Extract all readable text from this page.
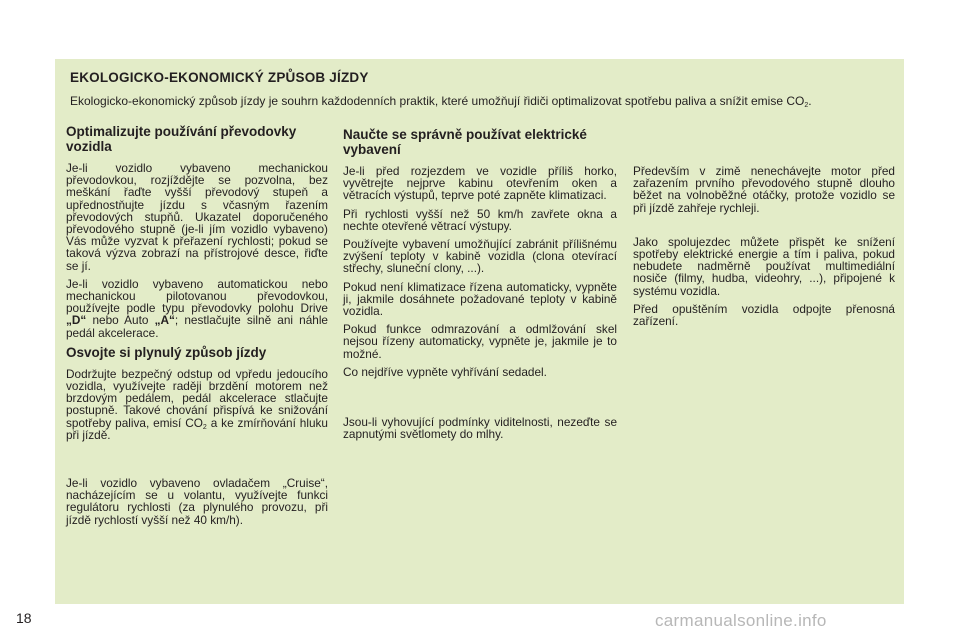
EKOLOGICKO-EKONOMICKÝ ZPŮSOB JÍZDY

Ekologicko-ekonomický způsob jízdy je souhrn každodenních praktik, které umožňují řidiči optimalizovat spotřebu paliva a snížit emise $CO_2$.

Optimalizujte používání převodovky vozidla

Je-li vozidlo vybaveno mechanickou převodovkou, rozjíždějte se pozvolna, bez meškání řaďte vyšší převodový stupeň a upřednostňujte jízdu s včasným řazením převodových stupňů. Ukazatel doporučeného převodového stupně (je-li jím vozidlo vybaveno) Vás může vyzvat k přeřazení rychlosti; pokud se taková výzva zobrazí na přístrojové desce, řiďte se jí.

Je-li vozidlo vybaveno automatickou nebo mechanickou pilotovanou převodovkou, používejte podle typu převodovky polohu Drive „D“ nebo Auto „A“; nestlačujte silně ani náhle pedál akcelerace.

Osvojte si plynulý způsob jízdy

Dodržujte bezpečný odstup od vpředu jedoucího vozidla, využívejte raději brzdění motorem než brzdovým pedálem, pedál akcelerace stlačujte postupně. Takové chování přispívá ke snižování spotřeby paliva, emisí $CO_2$ a ke zmírňování hluku při jízdě.

Je-li vozidlo vybaveno ovladačem „Cruise“, nacházejícím se u volantu, využívejte funkci regulátoru rychlosti (za plynulého provozu, při jízdě rychlostí vyšší než 40 km/h).

Naučte se správně používat elektrické vybavení

Je-li před rozjezdem ve vozidle příliš horko, vyvětrejte nejprve kabinu otevřením oken a větracích výstupů, teprve poté zapněte klimatizaci.

Při rychlosti vyšší než 50 km/h zavřete okna a nechte otevřené větrací výstupy.

Používejte vybavení umožňující zabránit přílišnému zvýšení teploty v kabině vozidla (clona otevírací střechy, sluneční clony, ...).

Pokud není klimatizace řízena automaticky, vypněte ji, jakmile dosáhnete požadované teploty v kabině vozidla.

Pokud funkce odmrazování a odmlžování skel nejsou řízeny automaticky, vypněte je, jakmile je to možné.

Co nejdříve vypněte vyhřívání sedadel.

Jsou-li vyhovující podmínky viditelnosti, nezeďte se zapnutými světlomety do mlhy.

Především v zimě nenechávejte motor před zařazením prvního převodového stupně dlouho běžet na volnoběžné otáčky, protože vozidlo se při jízdě zahřeje rychleji.

Jako spolujezdec můžete přispět ke snížení spotřeby elektrické energie a tím i paliva, pokud nebudete nadměrně používat multimediální nosiče (filmy, hudba, videohry, ...), připojené k systému vozidla.

Před opuštěním vozidla odpojte přenosná zařízení.

18	carmanualsonline.info
